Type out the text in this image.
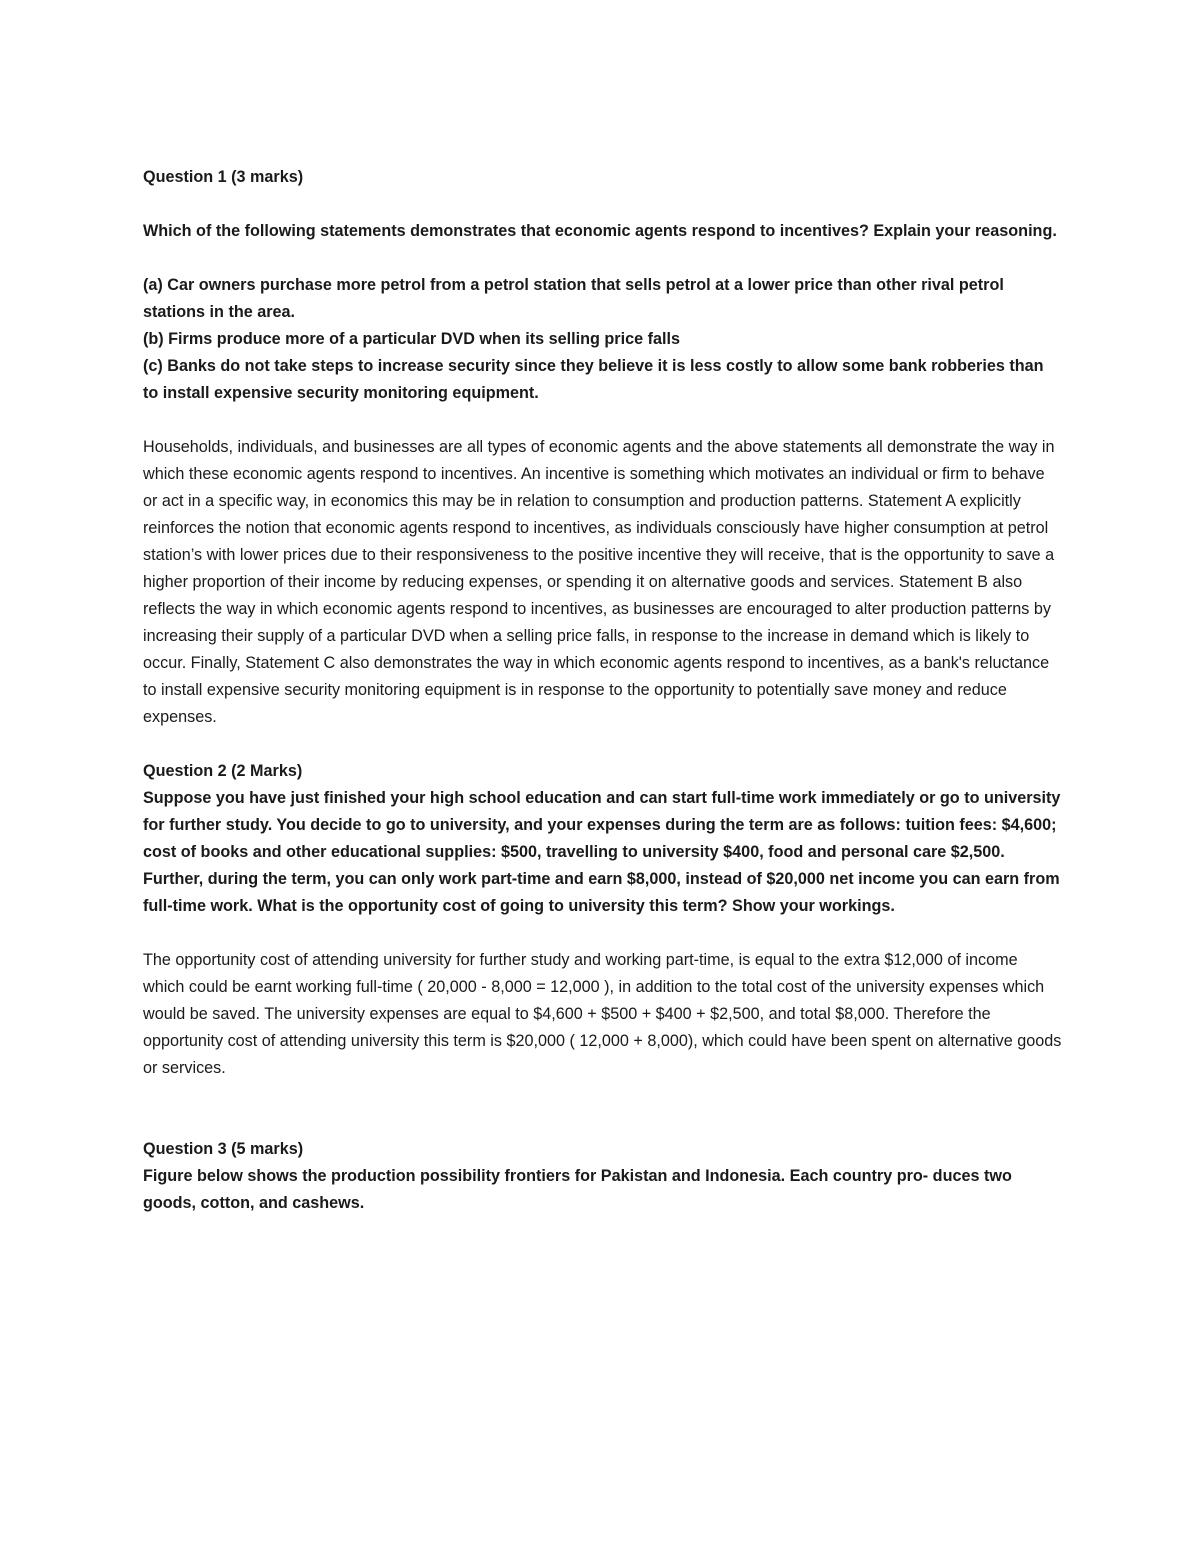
Question 1 (3 marks)

Which of the following statements demonstrates that economic agents respond to incentives? Explain your reasoning.

(a) Car owners purchase more petrol from a petrol station that sells petrol at a lower price than other rival petrol stations in the area.

(b) Firms produce more of a particular DVD when its selling price falls

(c) Banks do not take steps to increase security since they believe it is less costly to allow some bank robberies than to install expensive security monitoring equipment.

Households, individuals, and businesses are all types of economic agents and the above statements all demonstrate the way in which these economic agents respond to incentives. An incentive is something which motivates an individual or firm to behave or act in a specific way, in economics this may be in relation to consumption and production patterns. Statement A explicitly reinforces the notion that economic agents respond to incentives, as individuals consciously have higher consumption at petrol station’s with lower prices due to their responsiveness to the positive incentive they will receive, that is the opportunity to save a higher proportion of their income by reducing expenses, or spending it on alternative goods and services. Statement B also reflects the way in which economic agents respond to incentives, as businesses are encouraged to alter production patterns by increasing their supply of a particular DVD when a selling price falls, in response to the increase in demand which is likely to occur. Finally, Statement C also demonstrates the way in which economic agents respond to incentives, as a bank's reluctance to install expensive security monitoring equipment is in response to the opportunity to potentially save money and reduce expenses.

Question 2 (2 Marks)

Suppose you have just finished your high school education and can start full-time work immediately or go to university for further study. You decide to go to university, and your expenses during the term are as follows: tuition fees: $4,600; cost of books and other educational supplies: $500, travelling to university $400, food and personal care $2,500. Further, during the term, you can only work part-time and earn $8,000, instead of $20,000 net income you can earn from full-time work. What is the opportunity cost of going to university this term? Show your workings.

The opportunity cost of attending university for further study and working part-time, is equal to the extra $12,000 of income which could be earnt working full-time ( 20,000 - 8,000 = 12,000 ), in addition to the total cost of the university expenses which would be saved. The university expenses are equal to $4,600 + $500 + $400 + $2,500, and total $8,000. Therefore the opportunity cost of attending university this term is $20,000 ( 12,000 + 8,000), which could have been spent on alternative goods or services.

Question 3 (5 marks)

Figure below shows the production possibility frontiers for Pakistan and Indonesia. Each country pro- duces two goods, cotton, and cashews.
